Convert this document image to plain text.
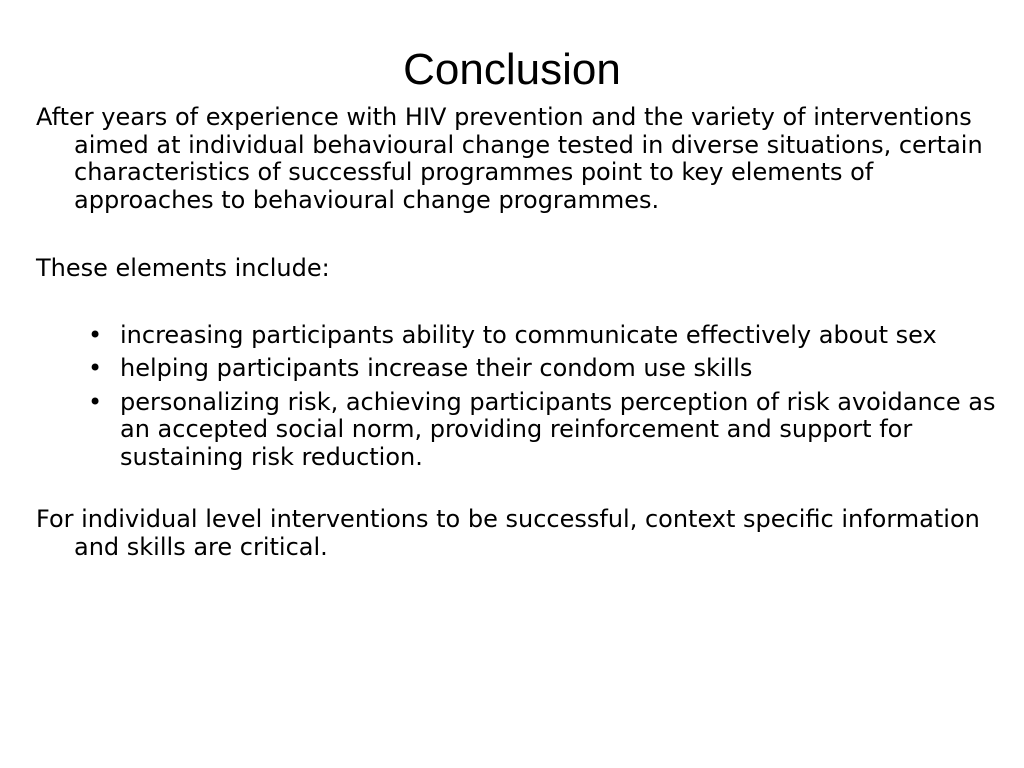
Conclusion

After years of experience with HIV prevention and the variety of interventions aimed at individual behavioural change tested in diverse situations, certain characteristics of successful programmes point to key elements of approaches to behavioural change programmes.

These elements include:

• increasing participants ability to communicate effectively about sex
• helping participants increase their condom use skills
• personalizing risk, achieving participants perception of risk avoidance as an accepted social norm, providing reinforcement and support for sustaining risk reduction.

For individual level interventions to be successful, context specific information and skills are critical.
